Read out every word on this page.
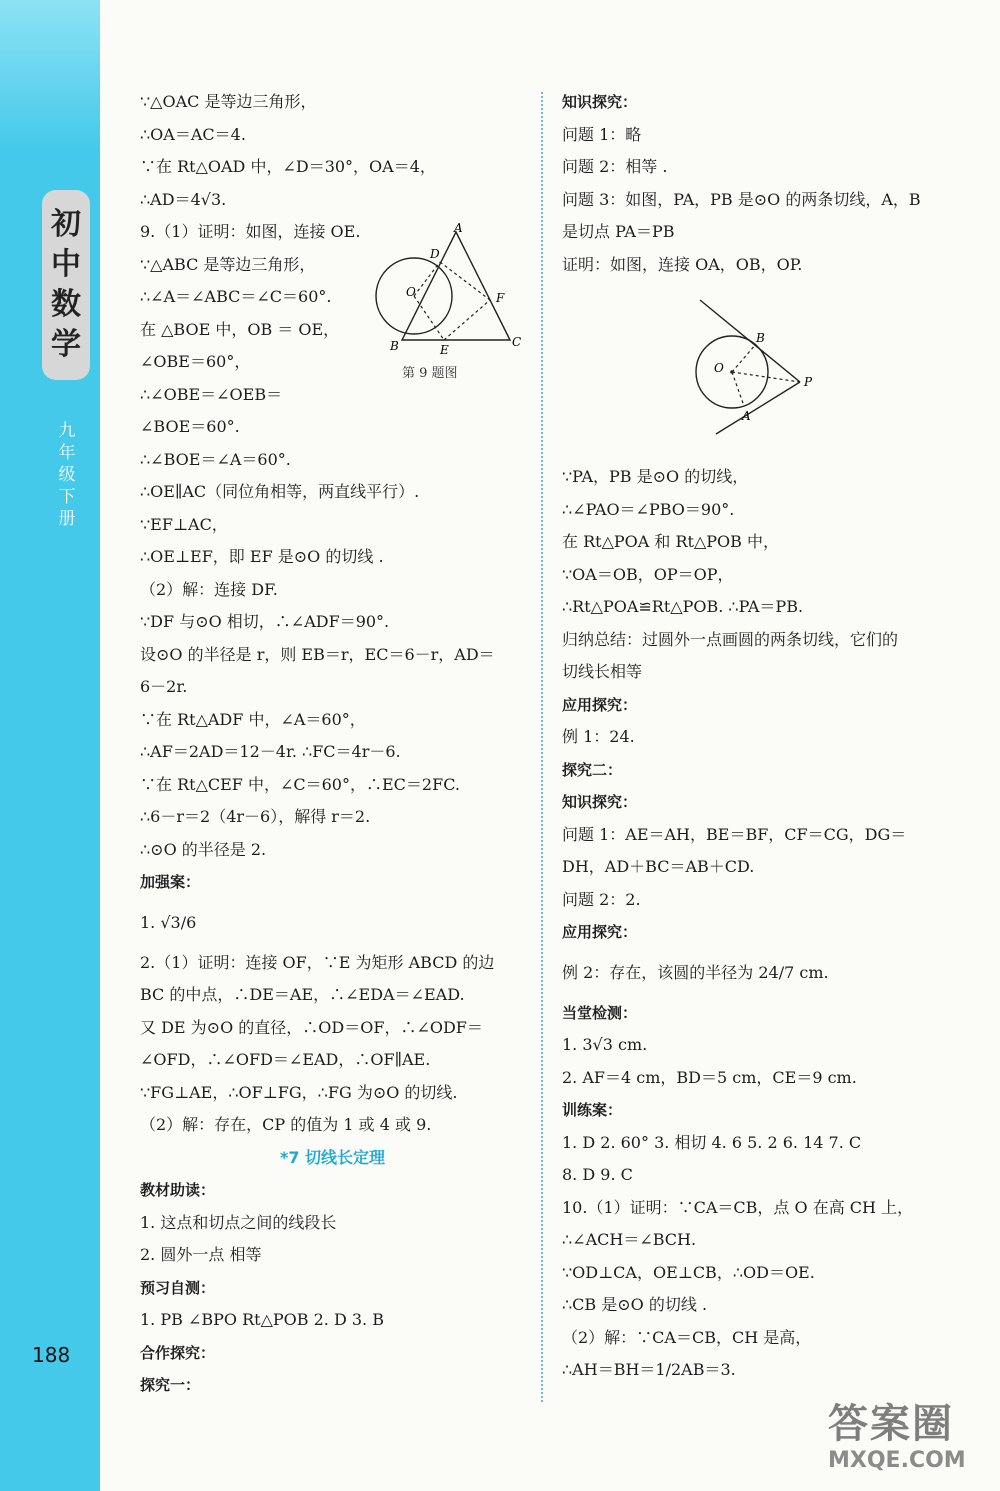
初
中
数
学
九
年
级
下
册
188
∵△OAC 是等边三角形，
∴OA＝AC＝4.
∵在 Rt△OAD 中，∠D＝30°，OA＝4，
∴AD＝4√3.
9.（1）证明：如图，连接 OE.
∵△ABC 是等边三角形，
∴∠A＝∠ABC＝∠C＝60°.
在 △BOE 中，OB ＝ OE，
∠OBE＝60°，
∴∠OBE＝∠OEB＝
∠BOE＝60°.
∴∠BOE＝∠A＝60°.
∴OE∥AC（同位角相等，两直线平行）.
∵EF⊥AC，
∴OE⊥EF，即 EF 是⊙O 的切线 .
（2）解：连接 DF.
∵DF 与⊙O 相切，∴∠ADF＝90°.
设⊙O 的半径是 r，则 EB＝r，EC＝6－r，AD＝
6－2r.
∵在 Rt△ADF 中，∠A＝60°，
∴AF＝2AD＝12－4r. ∴FC＝4r－6.
∵在 Rt△CEF 中，∠C＝60°，∴EC＝2FC.
∴6－r＝2（4r－6），解得 r＝2.
∴⊙O 的半径是 2.
加强案：
1. √3/6
2.（1）证明：连接 OF，∵E 为矩形 ABCD 的边
BC 的中点，∴DE＝AE，∴∠EDA＝∠EAD.
又 DE 为⊙O 的直径，∴OD＝OF，∴∠ODF＝
∠OFD，∴∠OFD＝∠EAD，∴OF∥AE.
∵FG⊥AE，∴OF⊥FG，∴FG 为⊙O 的切线.
（2）解：存在，CP 的值为 1 或 4 或 9.
*7 切线长定理
教材助读：
1. 这点和切点之间的线段长
2. 圆外一点 相等
预习自测：
1. PB ∠BPO Rt△POB 2. D 3. B
合作探究：
探究一：
A
B	C
D
E
F
O
第 9 题图
知识探究：
问题 1：略
问题 2：相等 .
问题 3：如图，PA，PB 是⊙O 的两条切线，A，B
是切点 PA＝PB
证明：如图，连接 OA，OB，OP.
∵PA，PB 是⊙O 的切线，
∴∠PAO＝∠PBO＝90°.
在 Rt△POA 和 Rt△POB 中，
∵OA＝OB，OP＝OP，
∴Rt△POA≌Rt△POB. ∴PA＝PB.
归纳总结：过圆外一点画圆的两条切线，它们的
切线长相等
应用探究：
例 1：24.
探究二：
知识探究：
问题 1：AE＝AH，BE＝BF，CF＝CG，DG＝
DH，AD＋BC＝AB＋CD.
问题 2：2.
应用探究：
例 2：存在，该圆的半径为 24/7 cm.
当堂检测：
1. 3√3 cm.
2. AF＝4 cm，BD＝5 cm，CE＝9 cm.
训练案：
1. D 2. 60° 3. 相切 4. 6 5. 2 6. 14 7. C
8. D 9. C
10.（1）证明：∵CA＝CB，点 O 在高 CH 上，
∴∠ACH＝∠BCH.
∵OD⊥CA，OE⊥CB，∴OD＝OE.
∴CB 是⊙O 的切线 .
（2）解：∵CA＝CB，CH 是高，
∴AH＝BH＝1/2AB＝3.
O
B
A
P
答案圈
MXQE.COM
